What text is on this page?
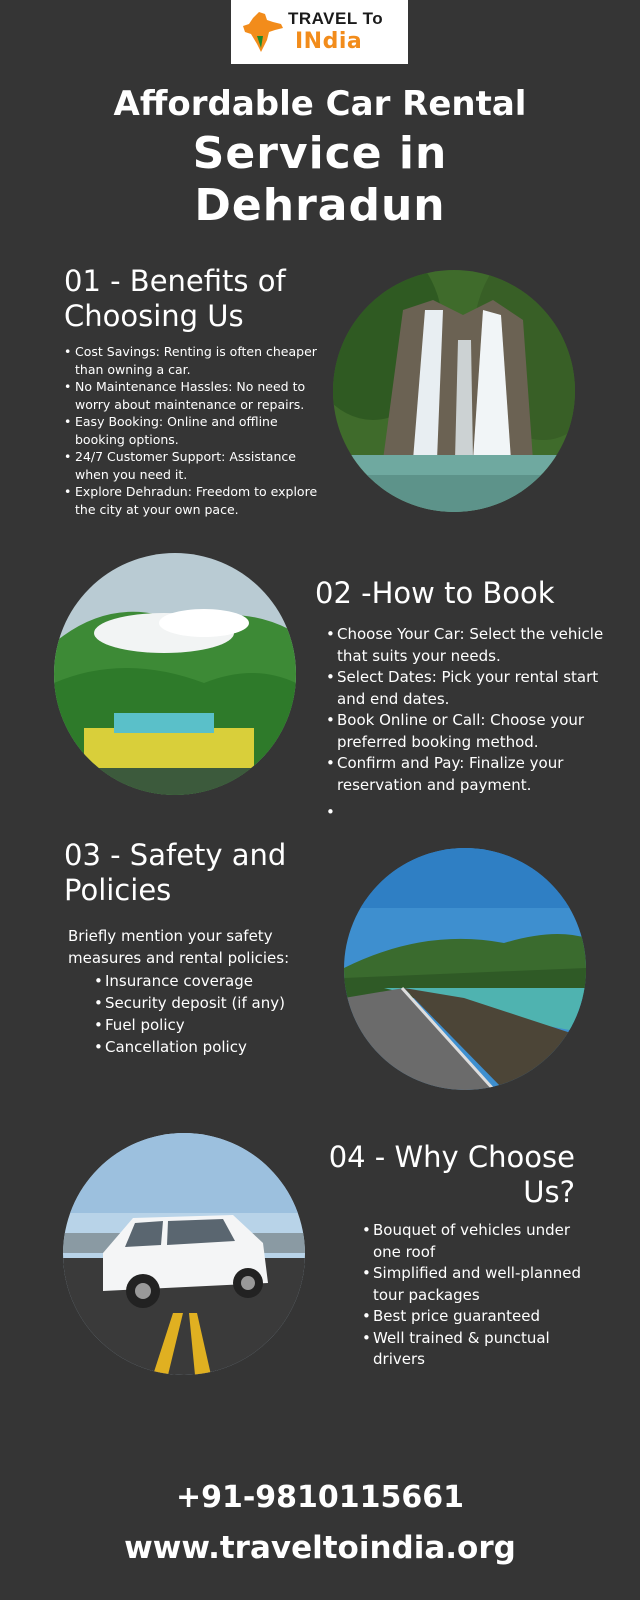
TRAVEL To
INdia
Affordable Car Rental
Service in
Dehradun
01 - Benefits of Choosing Us
• Cost Savings: Renting is often cheaper than owning a car.
• No Maintenance Hassles: No need to worry about maintenance or repairs.
• Easy Booking: Online and offline booking options.
• 24/7 Customer Support: Assistance when you need it.
• Explore Dehradun: Freedom to explore the city at your own pace.
02 -How to Book
• Choose Your Car: Select the vehicle that suits your needs.
• Select Dates: Pick your rental start and end dates.
• Book Online or Call: Choose your preferred booking method.
• Confirm and Pay: Finalize your reservation and payment.
•
03 - Safety and Policies
Briefly mention your safety measures and rental policies:
• Insurance coverage
• Security deposit (if any)
• Fuel policy
• Cancellation policy
04 - Why Choose Us?
• Bouquet of vehicles under one roof
• Simplified and well-planned tour packages
• Best price guaranteed
• Well trained & punctual drivers
+91-9810115661
www.traveltoindia.org
